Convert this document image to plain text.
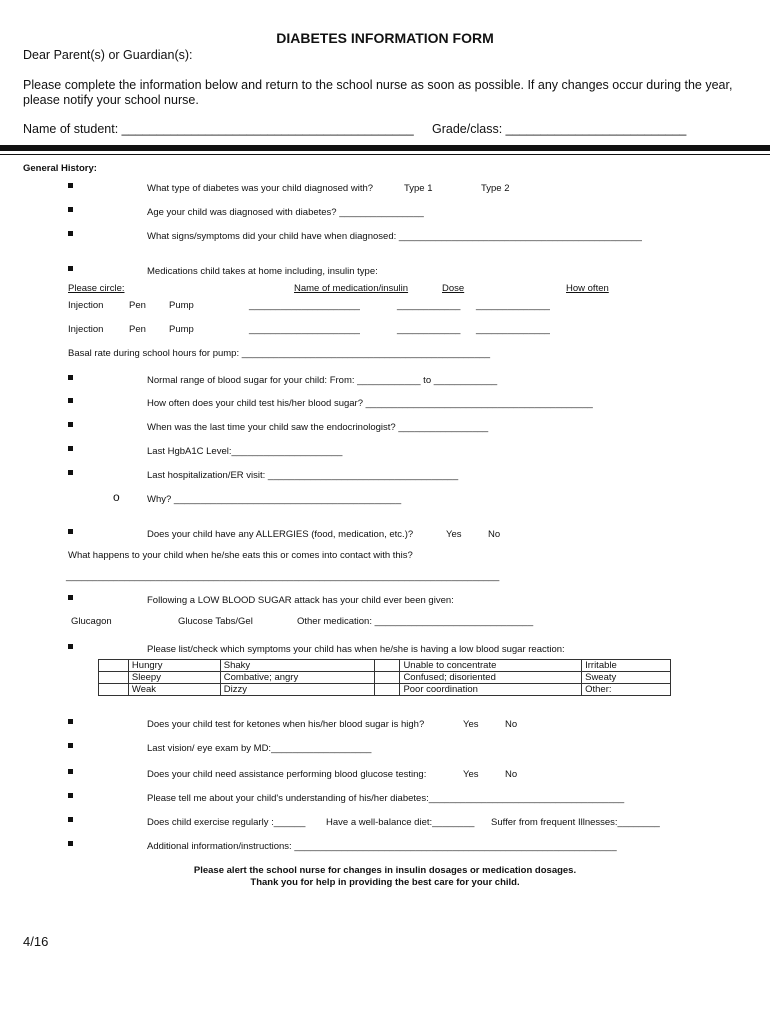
DIABETES INFORMATION FORM
Dear Parent(s) or Guardian(s):
Please complete the information below and return to the school nurse as soon as possible. If any changes occur during the year,
please notify your school nurse.
Name of student: __________________________________________ Grade/class: __________________________
General History:
What type of diabetes was your child diagnosed with?	Type 1	Type 2
Age your child was diagnosed with diabetes? ________________
What signs/symptoms did your child have when diagnosed: ______________________________________________
Medications child takes at home including, insulin type:
Please circle:	Name of medication/insulin	Dose	How often
Injection	Pen Pump	_____________________	____________ ______________
Injection	Pen Pump	_____________________	____________ ______________
Basal rate during school hours for pump: _______________________________________________
Normal range of blood sugar for your child: From: ____________ to ____________
How often does your child test his/her blood sugar? ___________________________________________
When was the last time your child saw the endocrinologist? _________________
Last HgbA1C Level:_____________________
Last hospitalization/ER visit: ____________________________________
o	Why? ___________________________________________
Does your child have any ALLERGIES (food, medication, etc.)?	Yes	No
What happens to your child when he/she eats this or comes into contact with this?
__________________________________________________________________________________
Following a LOW BLOOD SUGAR attack has your child ever been given:
Glucagon	Glucose Tabs/Gel	Other medication: ______________________________
Please list/check which symptoms your child has when he/she is having a low blood sugar reaction:
	Hungry	Shaky		Unable to concentrate	Irritable
	Sleepy	Combative; angry		Confused; disoriented	Sweaty
	Weak	Dizzy		Poor coordination	Other:
Does your child test for ketones when his/her blood sugar is high?	Yes	No
Last vision/ eye exam by MD:___________________
Does your child need assistance performing blood glucose testing:	Yes	No
Please tell me about your child's understanding of his/her diabetes:_____________________________________
Does child exercise regularly :______ Have a well-balance diet:________ Suffer from frequent Illnesses:________
Additional information/instructions: _____________________________________________________________
Please alert the school nurse for changes in insulin dosages or medication dosages.
Thank you for help in providing the best care for your child.
4/16
